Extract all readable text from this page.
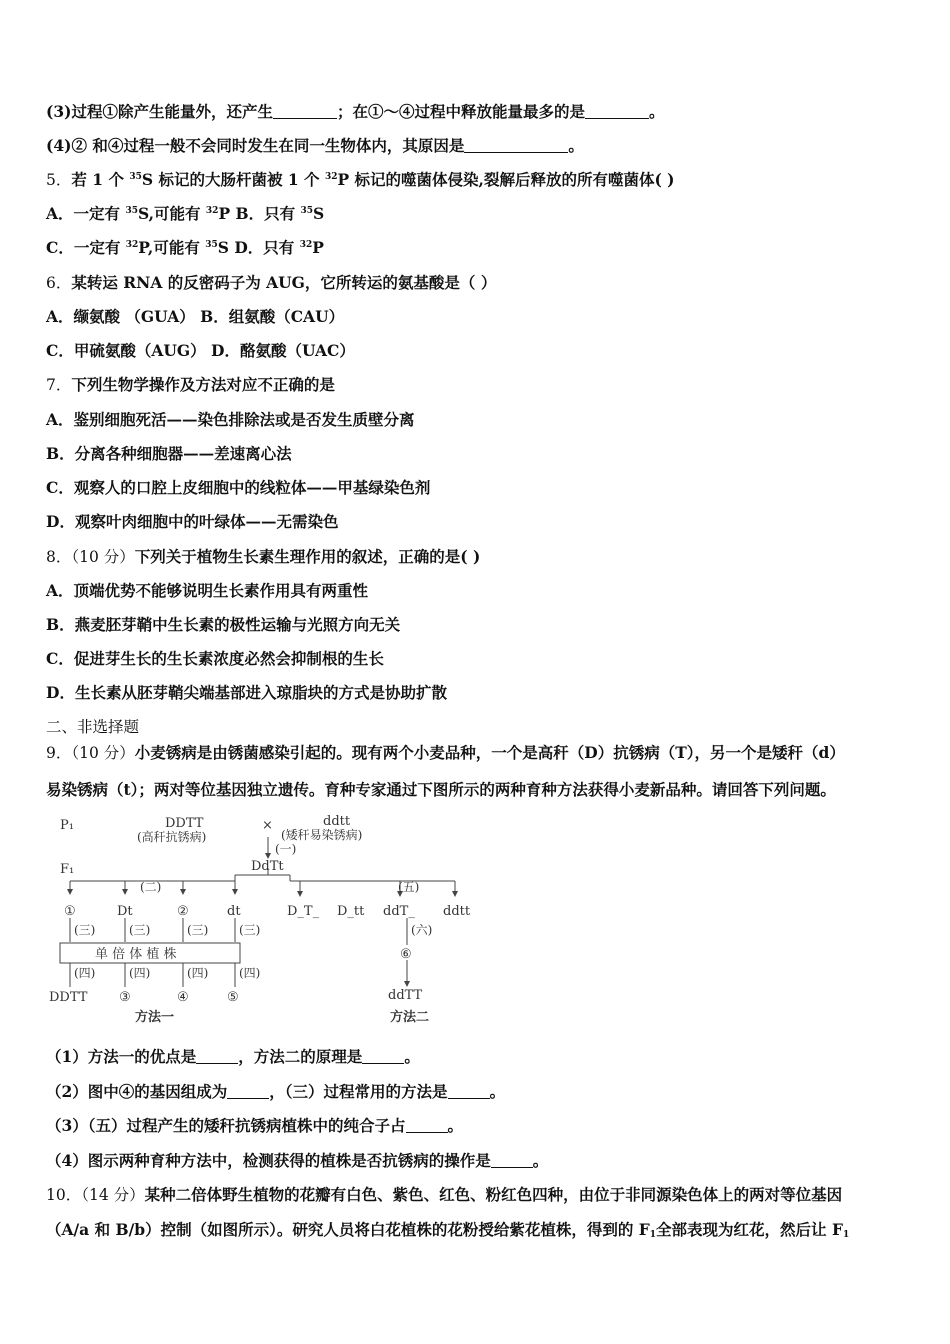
(3)过程①除产生能量外，还产生	；在①～④过程中释放能量最多的是	。
(4)② 和④过程一般不会同时发生在同一生物体内，其原因是	。
5．若 1 个 $^{35}$S 标记的大肠杆菌被 1 个 $^{32}$P 标记的噬菌体侵染,裂解后释放的所有噬菌体( )
A．一定有 $^{35}$S,可能有 $^{32}$P B．只有 $^{35}$S
C．一定有 $^{32}$P,可能有 $^{35}$S D．只有 $^{32}$P
6．某转运 RNA 的反密码子为 AUG，它所转运的氨基酸是（ ）
A．缬氨酸 （GUA） B．组氨酸（CAU）
C．甲硫氨酸（AUG） D．酪氨酸（UAC）
7．下列生物学操作及方法对应不正确的是
A．鉴别细胞死活——染色排除法或是否发生质壁分离
B．分离各种细胞器——差速离心法
C．观察人的口腔上皮细胞中的线粒体——甲基绿染色剂
D．观察叶肉细胞中的叶绿体——无需染色
8．（10 分）下列关于植物生长素生理作用的叙述，正确的是( )
A．顶端优势不能够说明生长素作用具有两重性
B．燕麦胚芽鞘中生长素的极性运输与光照方向无关
C．促进芽生长的生长素浓度必然会抑制根的生长
D．生长素从胚芽鞘尖端基部进入琼脂块的方式是协助扩散
二、非选择题
9．（10 分）小麦锈病是由锈菌感染引起的。现有两个小麦品种，一个是高秆（D）抗锈病（T），另一个是矮秆（d）
易染锈病（t）；两对等位基因独立遗传。育种专家通过下图所示的两种育种方法获得小麦新品种。请回答下列问题。
P₁
F₁
DDTT
(高秆抗锈病)
×	ddtt
(矮秆易染锈病)
(一)
DdTt
(二)	(五)
①	Dt	②	dt	D_T_ D_tt ddT_ ddtt
(三)	(三)	(三)	(三)	(六)
单 倍 体 植 株	⑥
(四)	(四)	(四)	(四)
DDTT ③	④	⑤	ddTT
方法一	方法二
（1）方法一的优点是	，方法二的原理是	。
（2）图中④的基因组成为	，（三）过程常用的方法是	。
（3）（五）过程产生的矮秆抗锈病植株中的纯合子占	。
（4）图示两种育种方法中，检测获得的植株是否抗锈病的操作是	。
10．（14 分）某种二倍体野生植物的花瓣有白色、紫色、红色、粉红色四种，由位于非同源染色体上的两对等位基因
（A/a 和 B/b）控制（如图所示）。研究人员将白花植株的花粉授给紫花植株，得到的 $F_1$全部表现为红花，然后让 $F_1$
